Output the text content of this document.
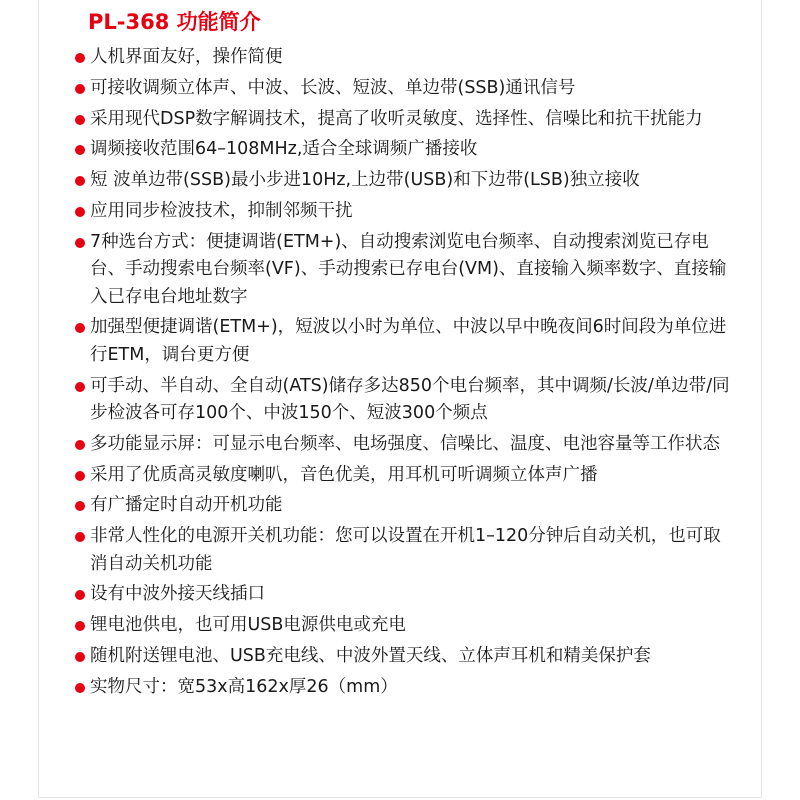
PL-368 功能简介
人机界面友好，操作简便
可接收调频立体声、中波、长波、短波、单边带(SSB)通讯信号
采用现代DSP数字解调技术，提高了收听灵敏度、选择性、信噪比和抗干扰能力
调频接收范围64–108MHz,适合全球调频广播接收
短 波单边带(SSB)最小步进10Hz,上边带(USB)和下边带(LSB)独立接收
应用同步检波技术，抑制邻频干扰
7种选台方式：便捷调谐(ETM+)、自动搜索浏览电台频率、自动搜索浏览已存电台、手动搜索电台频率(VF)、手动搜索已存电台(VM)、直接输入频率数字、直接输入已存电台地址数字
加强型便捷调谐(ETM+)，短波以小时为单位、中波以早中晚夜间6时间段为单位进行ETM，调台更方便
可手动、半自动、全自动(ATS)储存多达850个电台频率，其中调频/长波/单边带/同步检波各可存100个、中波150个、短波300个频点
多功能显示屏：可显示电台频率、电场强度、信噪比、温度、电池容量等工作状态
采用了优质高灵敏度喇叭，音色优美，用耳机可听调频立体声广播
有广播定时自动开机功能
非常人性化的电源开关机功能：您可以设置在开机1–120分钟后自动关机，也可取消自动关机功能
设有中波外接天线插口
锂电池供电，也可用USB电源供电或充电
随机附送锂电池、USB充电线、中波外置天线、立体声耳机和精美保护套
实物尺寸：宽53x高162x厚26（mm）
